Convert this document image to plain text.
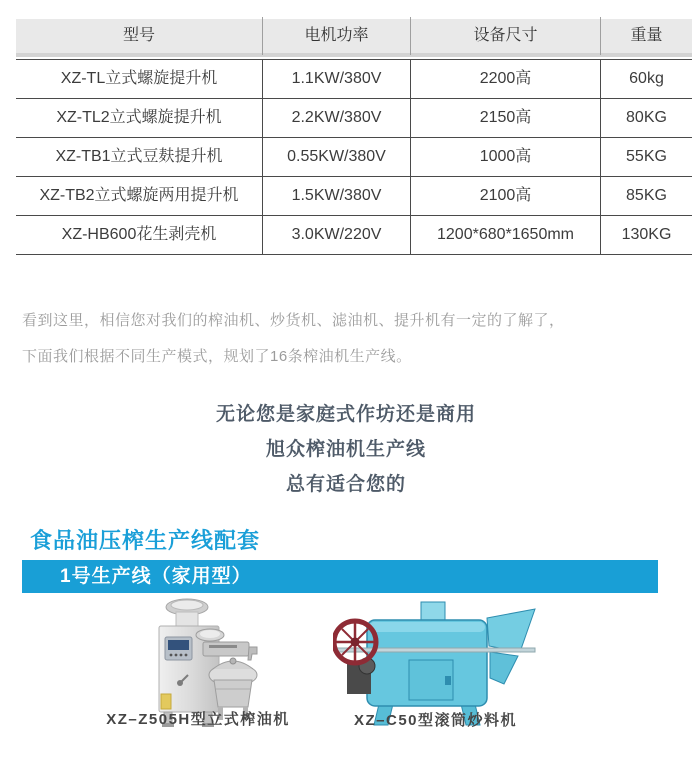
型号	电机功率	设备尺寸	重量
XZ-TL立式螺旋提升机	1.1KW/380V	2200高	60kg
XZ-TL2立式螺旋提升机	2.2KW/380V	2150高	80KG
XZ-TB1立式豆麸提升机	0.55KW/380V	1000高	55KG
XZ-TB2立式螺旋两用提升机	1.5KW/380V	2100高	85KG
XZ-HB600花生剥壳机	3.0KW/220V	1200*680*1650mm	130KG
看到这里，相信您对我们的榨油机、炒货机、滤油机、提升机有一定的了解了，
下面我们根据不同生产模式，规划了16条榨油机生产线。
无论您是家庭式作坊还是商用
旭众榨油机生产线
总有适合您的
食品油压榨生产线配套
1号生产线（家用型）
XZ–Z505H型立式榨油机	XZ–C50型滚筒炒料机
